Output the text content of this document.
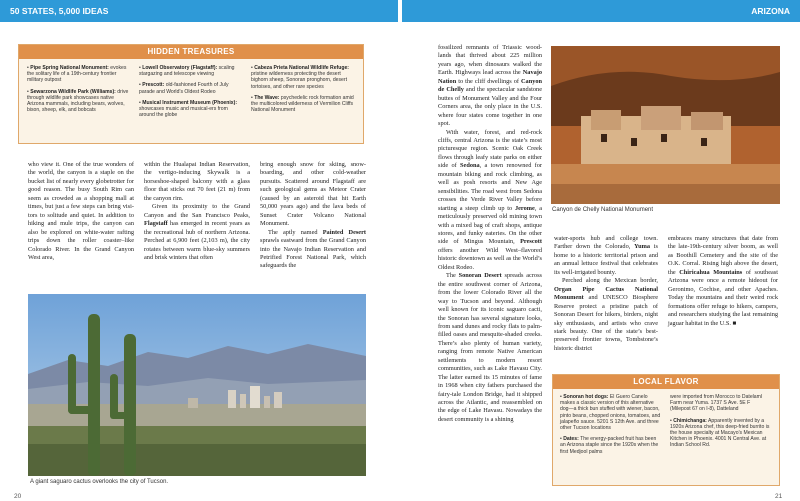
50 STATES, 5,000 IDEAS	ARIZONA
HIDDEN TREASURES
• Pipe Spring National Monument: evokes the solitary life of a 19th-century frontier military outpost
• Sewarzona Wildlife Park (Williams): drive through wildlife park showcases native Arizona mammals, including bears, wolves, bison, sheep, elk, and bobcats
• Lowell Observatory (Flagstaff): scaling stargazing and telescope viewing
• Prescott: old-fashioned Fourth of July parade and World’s Oldest Rodeo
• Musical Instrument Museum (Phoenix): showcases music and musical-ers from around the globe
• Cabeza Prieta National Wildlife Refuge: pristine wilderness protecting the desert bighorn sheep, Sonoran pronghorn, desert tortoises, and other rare species
• The Wave: psychedelic rock formation amid the multicolored wilderness of Vermilion Cliffs National Monument

who view it. One of the true wonders of the world, the canyon is a staple on the bucket list of nearly every globetrotter for good reason. The busy South Rim can seem as crowded as a shopping mall at times, but just a few steps can bring visitors to solitude and quiet. In addition to hiking and mule trips, the canyon can also be explored on white-water rafting trips down the roller coaster–like Colorado River. In the Grand Canyon West area,

within the Hualapai Indian Reservation, the vertigo-inducing Skywalk is a horseshoe-shaped balcony with a glass floor that sticks out 70 feet (21 m) from the canyon rim.

Given its proximity to the Grand Canyon and the San Francisco Peaks, Flagstaff has emerged in recent years as the recreational hub of northern Arizona. Perched at 6,900 feet (2,103 m), the city rotates between warm blue-sky summers and brisk winters that often

bring enough snow for skiing, snowboarding, and other cold-weather pursuits. Scattered around Flagstaff are such geological gems as Meteor Crater (caused by an asteroid that hit Earth 50,000 years ago) and the lava beds of Sunset Crater Volcano National Monument.

The aptly named Painted Desert sprawls eastward from the Grand Canyon into the Navajo Indian Reservation and Petrified Forest National Park, which safeguards the

A giant saguaro cactus overlooks the city of Tucson.

fossilized remnants of Triassic woodlands that thrived about 225 million years ago, when dinosaurs walked the Earth. Highways lead across the Navajo Nation to the cliff dwellings of Canyon de Chelly and the spectacular sandstone buttes of Monument Valley and the Four Corners area, the only place in the U.S. where four states come together in one spot.

With water, forest, and red-rock cliffs, central Arizona is the state’s most picturesque region. Scenic Oak Creek flows through leafy state parks on either side of Sedona, a town renowned for mountain biking and rock climbing, as well as posh resorts and New Age sensibilities. The road west from Sedona crosses the Verde River Valley before starting a steep climb up to Jerome, a meticulously preserved old mining town with a mixed bag of craft shops, antique stores, and funky eateries. On the other side of Mingus Mountain, Prescott offers another Wild West–flavored historic downtown as well as the World’s Oldest Rodeo.

The Sonoran Desert spreads across the entire southwest corner of Arizona, from the lower Colorado River all the way to Tucson and beyond. Although well known for its iconic saguaro cacti, the Sonoran has several signature looks, from sand dunes and rocky flats to palm-filled oases and mesquite-shaded creeks. There’s also plenty of human variety, ranging from remote Native American settlements to modern resort communities, such as Lake Havasu City. The latter earned its 15 minutes of fame in 1968 when city fathers purchased the fairy-tale London Bridge, had it shipped across the Atlantic, and reassembled on the edge of Lake Havasu. Nowadays the desert community is a shining

Canyon de Chelly National Monument

water-sports hub and college town. Farther down the Colorado, Yuma is home to a historic territorial prison and an annual lettuce festival that celebrates its well-irrigated bounty.

Perched along the Mexican border, Organ Pipe Cactus National Monument and UNESCO Biosphere Reserve protect a pristine patch of Sonoran Desert for hikers, birders, night sky enthusiasts, and artists who crave stark beauty. One of the state’s best-preserved frontier towns, Tombstone’s historic district

embraces many structures that date from the late-19th-century silver boom, as well as Boothill Cemetery and the site of the O.K. Corral. Rising high above the desert, the Chiricahua Mountains of southeast Arizona were once a remote hideout for Geronimo, Cochise, and other Apaches. Today the mountains and their weird rock formations offer refuge to hikers, campers, and researchers studying the last remaining jaguar habitat in the U.S. ■

LOCAL FLAVOR
• Sonoran hot dogs: El Guero Canelo makes a classic version of this alternative dog—a thick bun stuffed with wiener, bacon, pinto beans, chopped onions, tomatoes, and jalapeño sauce. 5201 S 12th Ave. and three other Tucson locations
• Dates: The energy-packed fruit has been an Arizona staple since the 1920s when the first Medjool palms
were imported from Morocco to Datelaml Farm near Yuma. 1737 S Ave. 5E F (Milepost 67 on I-8), Datteland
• Chimichanga: Apparently invented by a 1920s Arizona chef, this deep-fried burrito is the house specialty at Macayo’s Mexican Kitchen in Phoenix. 4001 N Central Ave. at Indian School Rd.
20	21
